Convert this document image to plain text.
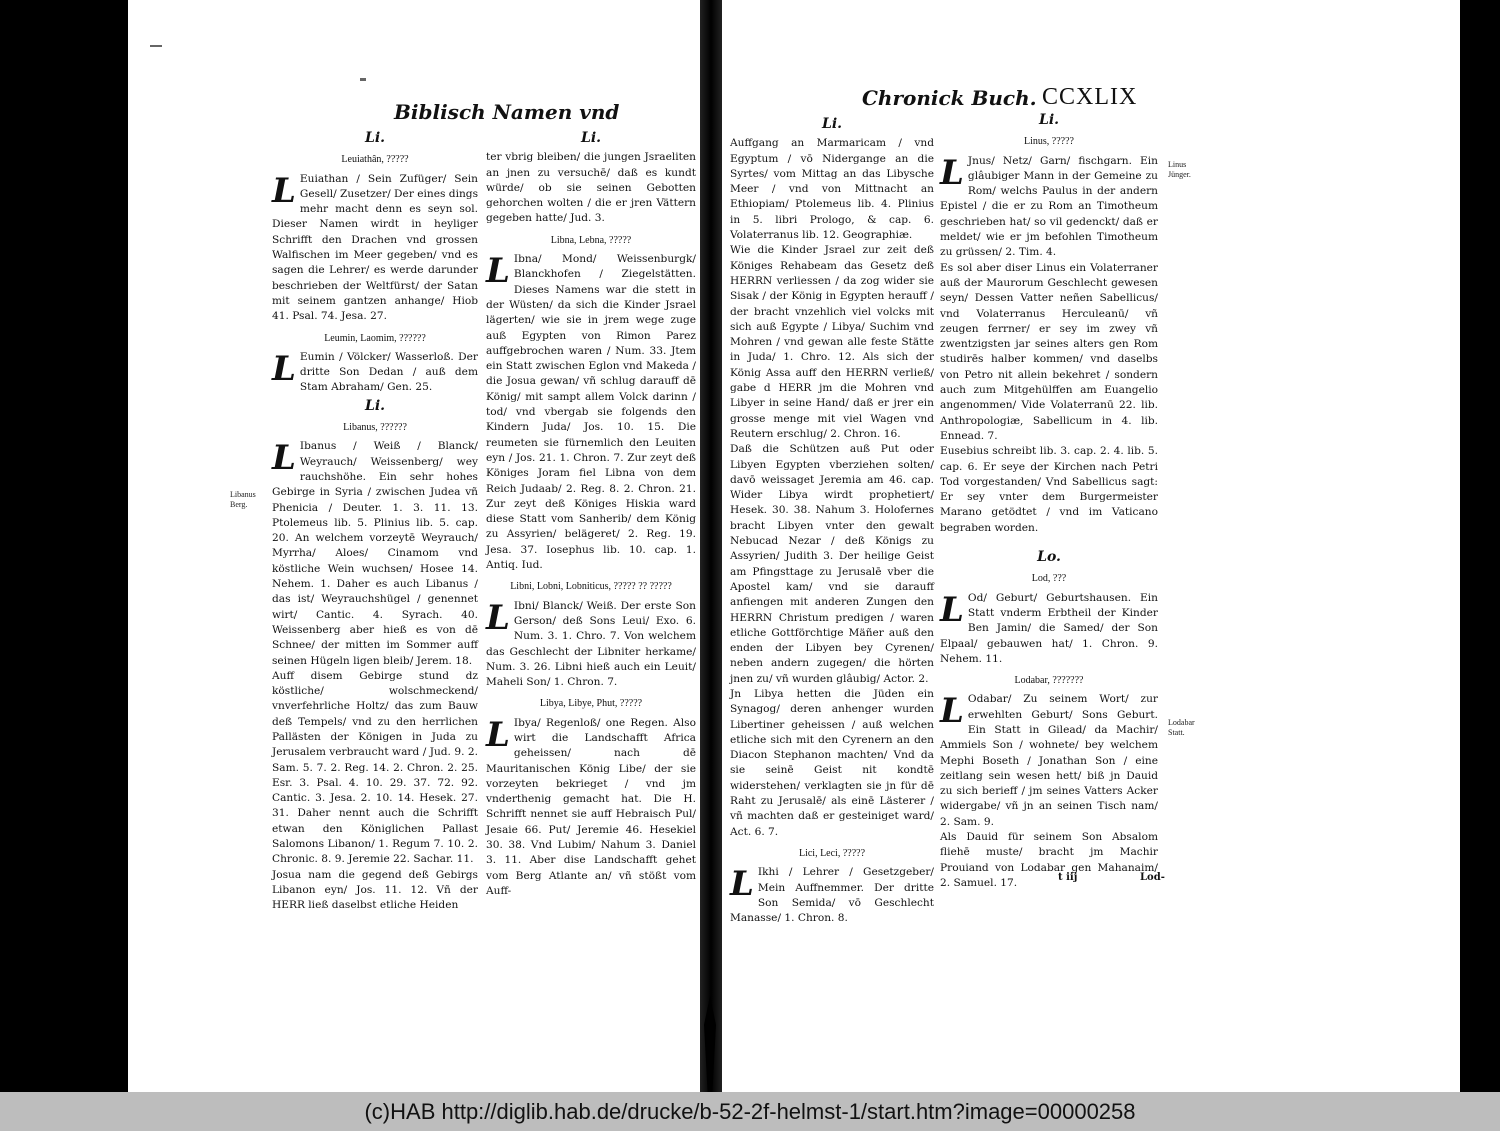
Biblisch Namen vnd
Chronick Buch. CCXLIX
Li.
Leuiathân, ?????

L Euiathan / Sein Zufüger/ Sein Gesell/ Zusetzer/ Der eines dings mehr macht denn es seyn sol. Dieser Namen wirdt in heyliger Schrifft den Drachen vnd grossen Walfischen im Meer gegeben/ vnd es sagen die Lehrer/ es werde darunder beschrieben der Weltfürst/ der Satan mit seinem gantzen anhange/ Hiob 41. Psal. 74. Jesa. 27.

Leumin, Laomim, ??????

L Eumin / Völcker/ Wasserloß. Der dritte Son Dedan / auß dem Stam Abraham/ Gen. 25.

Li.
Libanus, ??????

L Ibanus / Weiß / Blanck/ Weyrauch/ Weissenberg/ wey rauchshöhe. Ein sehr hohes Gebirge in Syria / zwischen Judea vñ Phenicia / Deuter. 1. 3. 11. 13. Ptolemeus lib. 5. Plinius lib. 5. cap. 20. An welchem vorzeytē Weyrauch/ Myrrha/ Aloes/ Cinamom vnd köstliche Wein wuchsen/ Hosee 14. Nehem. 1. Daher es auch Libanus / das ist/ Weyrauchshügel / genennet wirt/ Cantic. 4. Syrach. 40. Weissenberg aber hieß es von dē Schnee/ der mitten im Sommer auff seinen Hügeln ligen bleib/ Jerem. 18.

Auff disem Gebirge stund dz köstliche/ wolschmeckend/ vnverfehrliche Holtz/ das zum Bauw deß Tempels/ vnd zu den herrlichen Pallästen der Königen in Juda zu Jerusalem verbraucht ward / Jud. 9. 2. Sam. 5. 7. 2. Reg. 14. 2. Chron. 2. 25. Esr. 3. Psal. 4. 10. 29. 37. 72. 92. Cantic. 3. Jesa. 2. 10. 14. Hesek. 27. 31. Daher nennt auch die Schrifft etwan den Königlichen Pallast Salomons Libanon/ 1. Regum 7. 10. 2. Chronic. 8. 9. Jeremie 22. Sachar. 11.

Josua nam die gegend deß Gebirgs Libanon eyn/ Jos. 11. 12. Vñ der HERR ließ daselbst etliche Heiden

Libanus Berg.
Li.

ter vbrig bleiben/ die jungen Jsraeliten an jnen zu versuchē/ daß es kundt würde/ ob sie seinen Gebotten gehorchen wolten / die er jren Vättern gegeben hatte/ Jud. 3.

Libna, Lebna, ?????

L Ibna/ Mond/ Weissenburgk/ Blanckhofen / Ziegelstätten. Dieses Namens war die stett in der Wüsten/ da sich die Kinder Jsrael lägerten/ wie sie in jrem wege zuge auß Egypten von Rimon Parez auffgebrochen waren / Num. 33. Jtem ein Statt zwischen Eglon vnd Makeda / die Josua gewan/ vñ schlug darauff dē König/ mit sampt allem Volck darinn / tod/ vnd vbergab sie folgends den Kindern Juda/ Jos. 10. 15. Die reumeten sie fürnemlich den Leuiten eyn / Jos. 21. 1. Chron. 7. Zur zeyt deß Königes Joram fiel Libna von dem Reich Judaab/ 2. Reg. 8. 2. Chron. 21. Zur zeyt deß Königes Hiskia ward diese Statt vom Sanherib/ dem König zu Assyrien/ belägeret/ 2. Reg. 19. Jesa. 37. Iosephus lib. 10. cap. 1. Antiq. Iud.

Libni, Lobni, Lobniticus, ????? ?? ?????

L Ibni/ Blanck/ Weiß. Der erste Son Gerson/ deß Sons Leui/ Exo. 6. Num. 3. 1. Chro. 7. Von welchem das Geschlecht der Libniter herkame/ Num. 3. 26. Libni hieß auch ein Leuit/ Maheli Son/ 1. Chron. 7.

Libya, Libye, Phut, ?????

L Ibya/ Regenloß/ one Regen. Also wirt die Landschafft Africa geheissen/ nach dē Mauritanischen König Libe/ der sie vorzeyten bekrieget / vnd jm vnderthenig gemacht hat. Die H. Schrifft nennet sie auff Hebraisch Pul/ Jesaie 66. Put/ Jeremie 46. Hesekiel 30. 38. Vnd Lubim/ Nahum 3. Daniel 3. 11. Aber dise Landschafft gehet vom Berg Atlante an/ vñ stößt vom Auff-

Li.

Auffgang an Marmaricam / vnd Egyptum / vō Nidergange an die Syrtes/ vom Mittag an das Libysche Meer / vnd von Mittnacht an Ethiopiam/ Ptolemeus lib. 4. Plinius in 5. libri Prologo, & cap. 6. Volaterranus lib. 12. Geographiæ.

Wie die Kinder Jsrael zur zeit deß Königes Rehabeam das Gesetz deß HERRN verliessen / da zog wider sie Sisak / der König in Egypten herauff / der bracht vnzehlich viel volcks mit sich auß Egypte / Libya/ Suchim vnd Mohren / vnd gewan alle feste Stätte in Juda/ 1. Chro. 12. Als sich der König Assa auff den HERRN verließ/ gabe d HERR jm die Mohren vnd Libyer in seine Hand/ daß er jrer ein grosse menge mit viel Wagen vnd Reutern erschlug/ 2. Chron. 16.

Daß die Schützen auß Put oder Libyen Egypten vberziehen solten/ davō weissaget Jeremia am 46. cap. Wider Libya wirdt prophetiert/ Hesek. 30. 38. Nahum 3. Holofernes bracht Libyen vnter den gewalt Nebucad Nezar / deß Königs zu Assyrien/ Judith 3. Der heilige Geist am Pfingsttage zu Jerusalē vber die Apostel kam/ vnd sie darauff anfiengen mit anderen Zungen den HERRN Christum predigen / waren etliche Gottförchtige Mäñer auß den enden der Libyen bey Cyrenen/ neben andern zugegen/ die hörten jnen zu/ vñ wurden glâubig/ Actor. 2.

Jn Libya hetten die Jüden ein Synagog/ deren anhenger wurden Libertiner geheissen / auß welchen etliche sich mit den Cyrenern an den Diacon Stephanon machten/ Vnd da sie seinē Geist nit kondtē widerstehen/ verklagten sie jn für dē Raht zu Jerusalē/ als einē Lästerer / vñ machten daß er gesteiniget ward/ Act. 6. 7.

Lici, Leci, ?????

L Ikhi / Lehrer / Gesetzgeber/ Mein Auffnemmer. Der dritte Son Semida/ vō Geschlecht Manasse/ 1. Chron. 8.

Li.
Linus, ?????

L Jnus/ Netz/ Garn/ fischgarn. Ein glâubiger Mann in der Gemeine zu Rom/ welchs Paulus in der andern Epistel / die er zu Rom an Timotheum geschrieben hat/ so vil gedenckt/ daß er meldet/ wie er jm befohlen Timotheum zu grüssen/ 2. Tim. 4.

Es sol aber diser Linus ein Volaterraner auß der Maurorum Geschlecht gewesen seyn/ Dessen Vatter neñen Sabellicus/ vnd Volaterranus Herculeanū/ vñ zeugen ferrner/ er sey im zwey vñ zwentzigsten jar seines alters gen Rom studirēs halber kommen/ vnd daselbs von Petro nit allein bekehret / sondern auch zum Mitgehülffen am Euangelio angenommen/ Vide Volaterranū 22. lib. Anthropologiæ, Sabellicum in 4. lib. Ennead. 7.

Eusebius schreibt lib. 3. cap. 2. 4. lib. 5. cap. 6. Er seye der Kirchen nach Petri Tod vorgestanden/ Vnd Sabellicus sagt: Er sey vnter dem Burgermeister Marano getödtet / vnd im Vaticano begraben worden.

Lo.
Lod, ???

L Od/ Geburt/ Geburtshausen. Ein Statt vnderm Erbtheil der Kinder Ben Jamin/ die Samed/ der Son Elpaal/ gebauwen hat/ 1. Chron. 9. Nehem. 11.

Lodabar, ???????

L Odabar/ Zu seinem Wort/ zur erwehlten Geburt/ Sons Geburt. Ein Statt in Gilead/ da Machir/ Ammiels Son / wohnete/ bey welchem Mephi Boseth / Jonathan Son / eine zeitlang sein wesen hett/ biß jn Dauid zu sich berieff / jm seines Vatters Acker widergabe/ vñ jn an seinen Tisch nam/ 2. Sam. 9.

Als Dauid für seinem Son Absalom fliehē muste/ bracht jm Machir Prouiand von Lodabar gen Mahanaim/ 2. Samuel. 17.

Linus Jünger.
Lodabar Statt.
t iij	Lod-
(c)HAB http://diglib.hab.de/drucke/b-52-2f-helmst-1/start.htm?image=00000258
